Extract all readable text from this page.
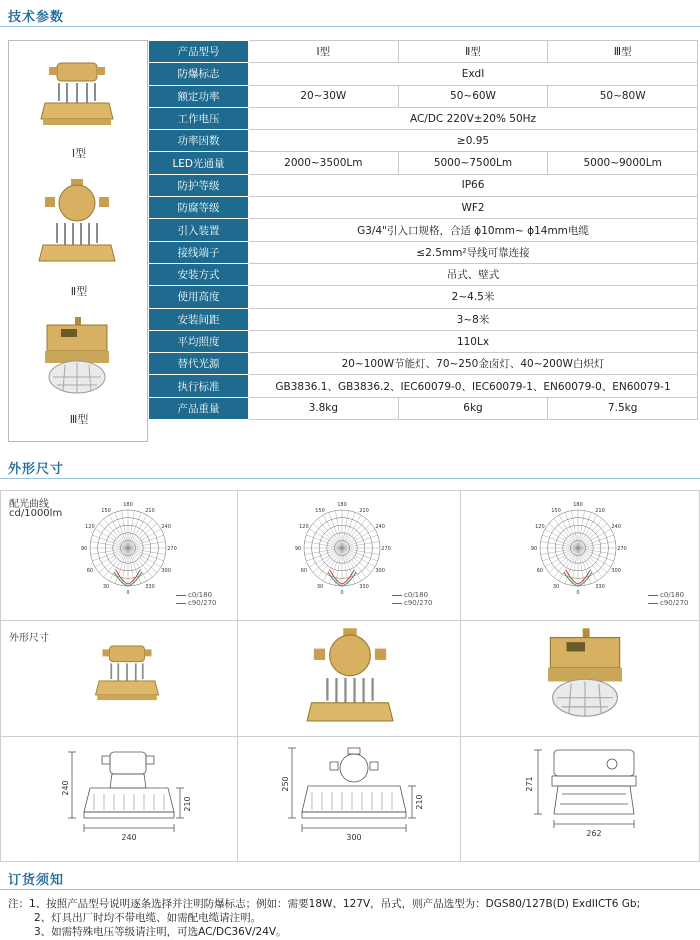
技术参数
Ⅰ型
Ⅱ型
Ⅲ型
产品型号	Ⅰ型	Ⅱ型	Ⅲ型
防爆标志	ExdⅠ		
额定功率	20~30W	50~60W	50~80W
工作电压	AC/DC 220V±20% 50Hz		
功率因数	≥0.95		
LED光通量	2000~3500Lm	5000~7500Lm	5000~9000Lm
防护等级	IP66		
防腐等级	WF2		
引入装置	G3/4"引入口规格，合适 ϕ10mm~ ϕ14mm电缆		
接线端子	≤2.5mm²导线可靠连接		
安装方式	吊式、壁式		
使用高度	2~4.5米		
安装间距	3~8米		
平均照度	110Lx		
替代光源	20~100W节能灯、70~250金卤灯、40~200W白炽灯		
执行标准	GB3836.1、GB3836.2、IEC60079-0、IEC60079-1、EN60079-0、EN60079-1		
产品重量	3.8kg	6kg	7.5kg
外形尺寸
配光曲线
cd/1000lm
外形尺寸
0
30
60
90
120
150
180
210
240
270
300
330
0
30
60
90
120
150
180
210
240
270
300
330
0
30
60
90
120
150
180
210
240
270
300
330
c0/180
c90/270
c0/180
c90/270
c0/180
c90/270
240
210
240
250
210
300
271
262
订货须知
注：1、按照产品型号说明逐条选择并注明防爆标志；例如：需要18W、127V，吊式，则产品选型为：DGS80/127B(D) ExdIICT6 Gb;
2、灯具出厂时均不带电缆、如需配电缆请注明。
3、如需特殊电压等级请注明，可选AC/DC36V/24V。
